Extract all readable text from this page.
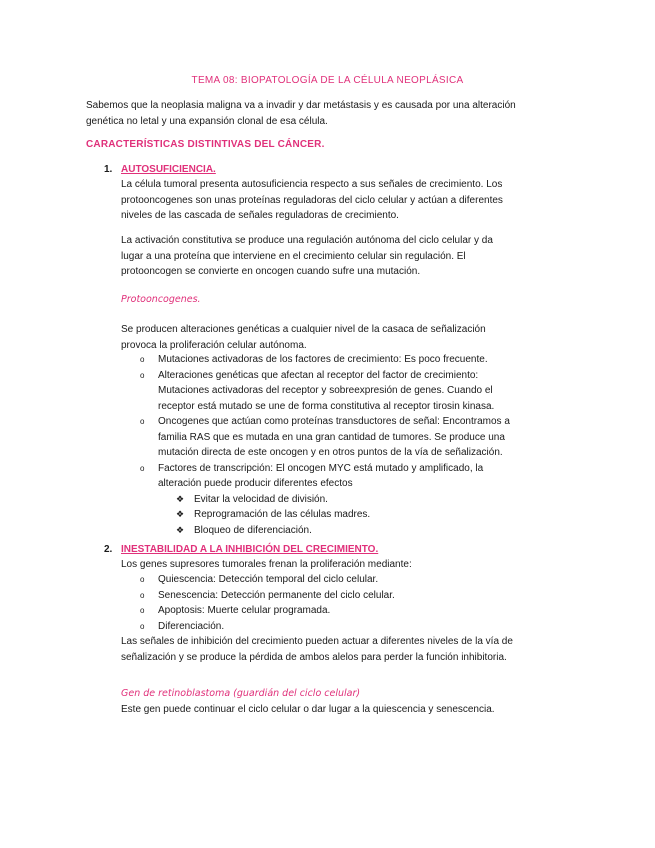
TEMA 08: BIOPATOLOGÍA DE LA CÉLULA NEOPLÁSICA
Sabemos que la neoplasia maligna va a invadir y dar metástasis y es causada por una alteración genética no letal y una expansión clonal de esa célula.
CARACTERÍSTICAS DISTINTIVAS DEL CÁNCER.
1. AUTOSUFICIENCIA.
La célula tumoral presenta autosuficiencia respecto a sus señales de crecimiento. Los protooncogenes son unas proteínas reguladoras del ciclo celular y actúan a diferentes niveles de las cascada de señales reguladoras de crecimiento.
La activación constitutiva se produce una regulación autónoma del ciclo celular y da lugar a una proteína que interviene en el crecimiento celular sin regulación. El protooncogen se convierte en oncogen cuando sufre una mutación.
Protooncogenes.
Se producen alteraciones genéticas a cualquier nivel de la casaca de señalización provoca la proliferación celular autónoma.
o Mutaciones activadoras de los factores de crecimiento: Es poco frecuente.
o Alteraciones genéticas que afectan al receptor del factor de crecimiento: Mutaciones activadoras del receptor y sobreexpresión de genes. Cuando el receptor está mutado se une de forma constitutiva al receptor tirosin kinasa.
o Oncogenes que actúan como proteínas transductores de señal: Encontramos a familia RAS que es mutada en una gran cantidad de tumores. Se produce una mutación directa de este oncogen y en otros puntos de la vía de señalización.
o Factores de transcripción: El oncogen MYC está mutado y amplificado, la alteración puede producir diferentes efectos
❖ Evitar la velocidad de división.
❖ Reprogramación de las células madres.
❖ Bloqueo de diferenciación.
2. INESTABILIDAD A LA INHIBICIÓN DEL CRECIMIENTO.
Los genes supresores tumorales frenan la proliferación mediante:
o Quiescencia: Detección temporal del ciclo celular.
o Senescencia: Detección permanente del ciclo celular.
o Apoptosis: Muerte celular programada.
o Diferenciación.
Las señales de inhibición del crecimiento pueden actuar a diferentes niveles de la vía de señalización y se produce la pérdida de ambos alelos para perder la función inhibitoria.
Gen de retinoblastoma (guardián del ciclo celular)
Este gen puede continuar el ciclo celular o dar lugar a la quiescencia y senescencia.
